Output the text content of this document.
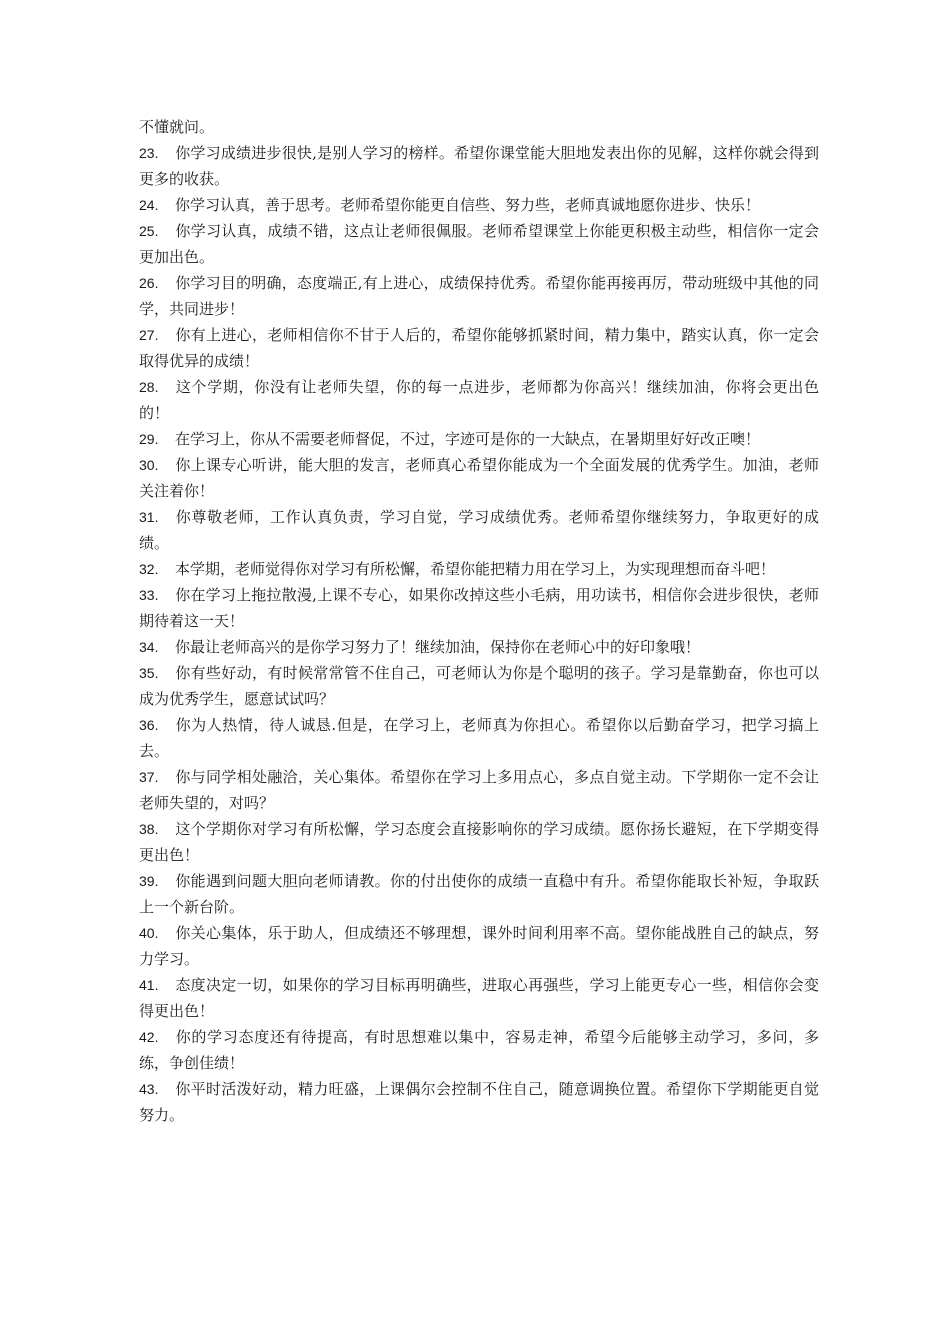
不懂就问。

23. 你学习成绩进步很快,是别人学习的榜样。希望你课堂能大胆地发表出你的见解，这样你就会得到更多的收获。

24. 你学习认真，善于思考。老师希望你能更自信些、努力些，老师真诚地愿你进步、快乐！

25. 你学习认真，成绩不错，这点让老师很佩服。老师希望课堂上你能更积极主动些，相信你一定会更加出色。

26. 你学习目的明确，态度端正,有上进心，成绩保持优秀。希望你能再接再厉，带动班级中其他的同学，共同进步！

27. 你有上进心，老师相信你不甘于人后的，希望你能够抓紧时间，精力集中，踏实认真，你一定会取得优异的成绩！

28. 这个学期，你没有让老师失望，你的每一点进步，老师都为你高兴！继续加油，你将会更出色的！

29. 在学习上，你从不需要老师督促，不过，字迹可是你的一大缺点，在暑期里好好改正噢！

30. 你上课专心听讲，能大胆的发言，老师真心希望你能成为一个全面发展的优秀学生。加油，老师关注着你！

31. 你尊敬老师，工作认真负责，学习自觉，学习成绩优秀。老师希望你继续努力，争取更好的成绩。

32. 本学期，老师觉得你对学习有所松懈，希望你能把精力用在学习上，为实现理想而奋斗吧！

33. 你在学习上拖拉散漫,上课不专心，如果你改掉这些小毛病，用功读书，相信你会进步很快，老师期待着这一天！

34. 你最让老师高兴的是你学习努力了！继续加油，保持你在老师心中的好印象哦！

35. 你有些好动，有时候常常管不住自己，可老师认为你是个聪明的孩子。学习是靠勤奋，你也可以成为优秀学生，愿意试试吗？

36. 你为人热情，待人诚恳.但是，在学习上，老师真为你担心。希望你以后勤奋学习，把学习搞上去。

37. 你与同学相处融洽，关心集体。希望你在学习上多用点心，多点自觉主动。下学期你一定不会让老师失望的，对吗？

38. 这个学期你对学习有所松懈，学习态度会直接影响你的学习成绩。愿你扬长避短，在下学期变得更出色！

39. 你能遇到问题大胆向老师请教。你的付出使你的成绩一直稳中有升。希望你能取长补短，争取跃上一个新台阶。

40. 你关心集体，乐于助人，但成绩还不够理想，课外时间利用率不高。望你能战胜自己的缺点，努力学习。

41. 态度决定一切，如果你的学习目标再明确些，进取心再强些，学习上能更专心一些，相信你会变得更出色！

42. 你的学习态度还有待提高，有时思想难以集中，容易走神，希望今后能够主动学习，多问，多练，争创佳绩！

43. 你平时活泼好动，精力旺盛，上课偶尔会控制不住自己，随意调换位置。希望你下学期能更自觉努力。
